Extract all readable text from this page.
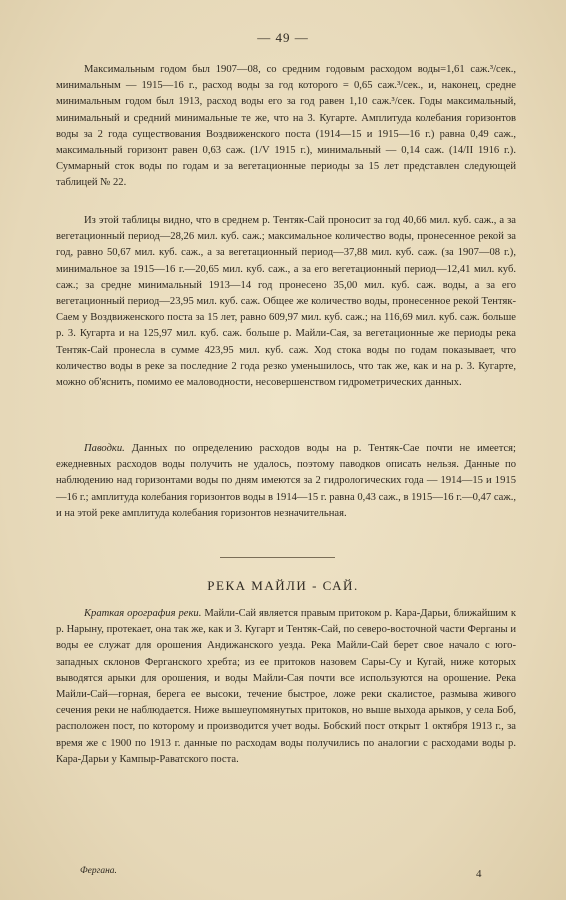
— 49 —

Максимальным годом был 1907—08, со средним годовым расходом воды=1,61 саж.³/сек., минимальным — 1915—16 г., расход воды за год которого = 0,65 саж.³/сек., и, наконец, средне минимальным годом был 1913, расход воды его за год равен 1,10 саж.³/сек. Годы максимальный, минимальный и средний минимальные те же, что на 3. Кугарте. Амплитуда колебания горизонтов воды за 2 года существования Воздвиженского поста (1914—15 и 1915—16 г.) равна 0,49 саж., максимальный горизонт равен 0,63 саж. (1/V 1915 г.), минимальный — 0,14 саж. (14/II 1916 г.). Суммарный сток воды по годам и за вегетационные периоды за 15 лет представлен следующей таблицей № 22.

Из этой таблицы видно, что в среднем р. Тентяк-Сай проносит за год 40,66 мил. куб. саж., а за вегетационный период—28,26 мил. куб. саж.; максимальное количество воды, пронесенное рекой за год, равно 50,67 мил. куб. саж., а за вегетационный период—37,88 мил. куб. саж. (за 1907—08 г.), минимальное за 1915—16 г.—20,65 мил. куб. саж., а за его вегетационный период—12,41 мил. куб. саж.; за средне минимальный 1913—14 год пронесено 35,00 мил. куб. саж. воды, а за его вегетационный период—23,95 мил. куб. саж. Общее же количество воды, пронесенное рекой Тентяк-Саем у Воздвиженского поста за 15 лет, равно 609,97 мил. куб. саж.; на 116,69 мил. куб. саж. больше р. 3. Кугарта и на 125,97 мил. куб. саж. больше р. Майли-Сая, за вегетационные же периоды река Тентяк-Сай пронесла в сумме 423,95 мил. куб. саж. Ход стока воды по годам показывает, что количество воды в реке за последние 2 года резко уменьшилось, что так же, как и на р. 3. Кугарте, можно об'яснить, помимо ее маловодности, несовершенством гидрометрических данных.

Паводки. Данных по определению расходов воды на р. Тентяк-Сае почти не имеется; ежедневных расходов воды получить не удалось, поэтому паводков описать нельзя. Данные по наблюдению над горизонтами воды по дням имеются за 2 гидрологических года — 1914—15 и 1915—16 г.; амплитуда колебания горизонтов воды в 1914—15 г. равна 0,43 саж., в 1915—16 г.—0,47 саж., и на этой реке амплитуда колебания горизонтов незначительная.

РЕКА МАЙЛИ - САЙ.

Краткая орография реки. Майли-Сай является правым притоком р. Кара-Дарьи, ближайшим к р. Нарыну, протекает, она так же, как и 3. Кугарт и Тентяк-Сай, по северо-восточной части Ферганы и воды ее служат для орошения Андижанского уезда. Река Майли-Сай берет свое начало с юго-западных склонов Ферганского хребта; из ее притоков назовем Сары-Су и Кугай, ниже которых выводятся арыки для орошения, и воды Майли-Сая почти все используются на орошение. Река Майли-Сай—горная, берега ее высоки, течение быстрое, ложе реки скалистое, размыва живого сечения реки не наблюдается. Ниже вышеупомянутых притоков, но выше выхода арыков, у села Боб, расположен пост, по которому и производится учет воды. Бобский пост открыт 1 октября 1913 г., за время же с 1900 по 1913 г. данные по расходам воды получились по аналогии с расходами воды р. Кара-Дарьи у Кампыр-Раватского поста.

Фергана.	4
